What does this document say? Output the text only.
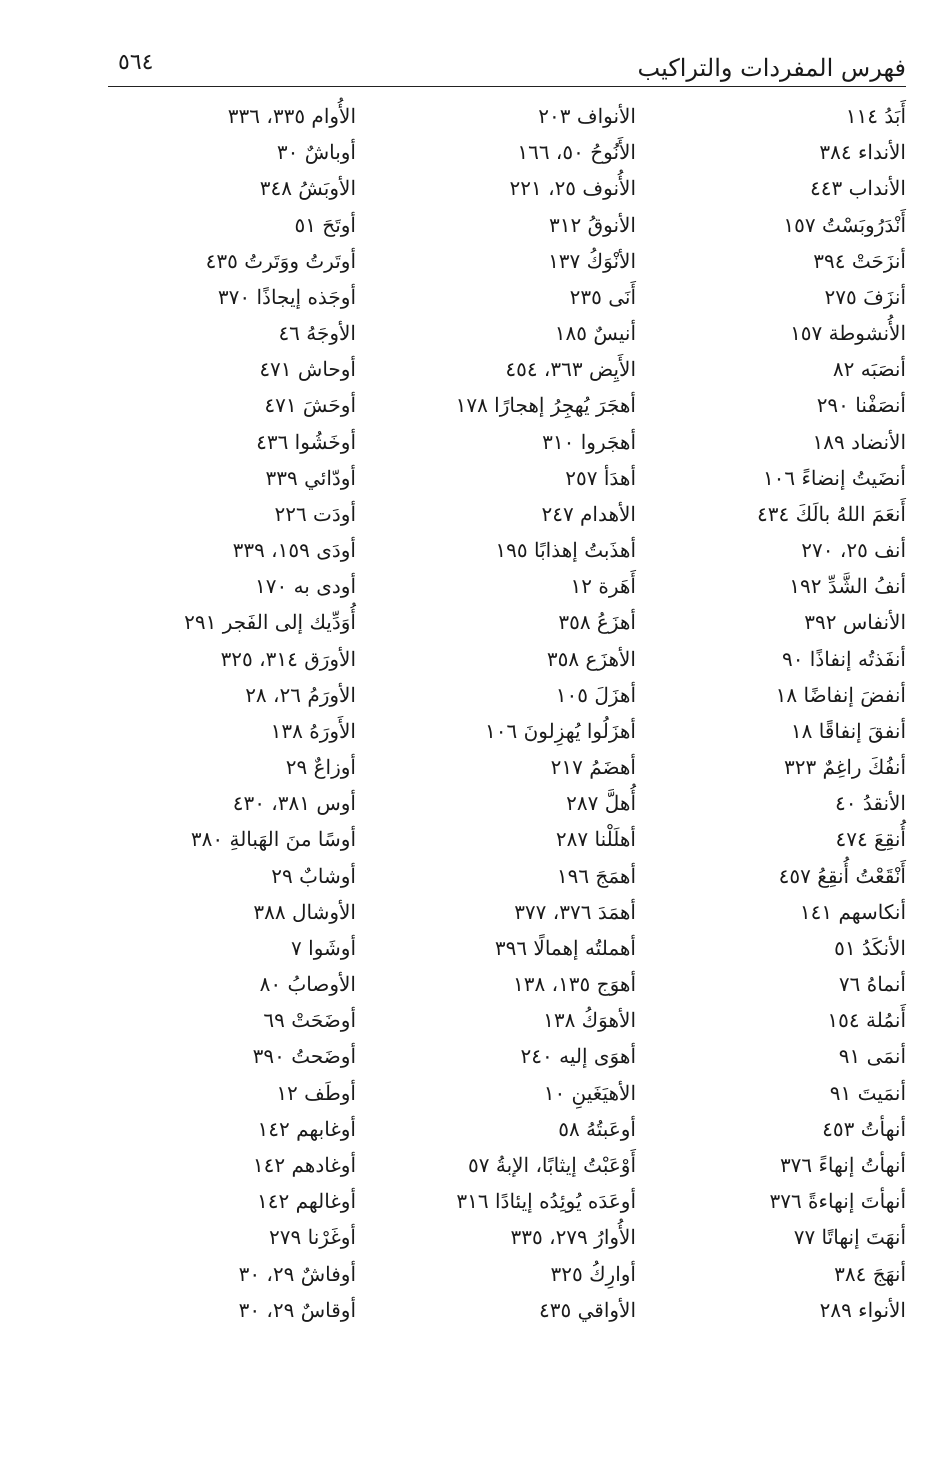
فهرس المفردات والتراكيب
٥٦٤
أَبَدُ ١١٤
الأنداء ٣٨٤
الأنداب ٤٤٣
أَنْدَرُوبَسْتُ ١٥٧
أنزَحَتْ ٣٩٤
أنزَفَ ٢٧٥
الأُنشوطة ١٥٧
أنصَبَه ٨٢
أنصَفْنا ٢٩٠
الأنضاد ١٨٩
أنضَيتُ إنضاءً ١٠٦
أَنعَمَ اللهُ بالَكَ ٤٣٤
أنف ٢٥، ٢٧٠
أنفُ الشَّدِّ ١٩٢
الأنفاس ٣٩٢
أنفَذتُه إنفاذًا ٩٠
أنفضَ إنفاضًا ١٨
أنفقَ إنفاقًا ١٨
أنفُكَ راغِمٌ ٣٢٣
الأنقدُ ٤٠
أُنقِعَ ٤٧٤
أَنْقَعْتُ أُنقِعُ ٤٥٧
أنكاسهم ١٤١
الأنكَدُ ٥١
أنماهُ ٧٦
أَنمُلة ١٥٤
أنمَى ٩١
أنمَيتَ ٩١
أنهأتُ ٤٥٣
أنهأتُ إنهاءً ٣٧٦
أنهأتَ إنهاءةً ٣٧٦
أنهَتَ إنهاتًا ٧٧
أنهَجَ ٣٨٤
الأنواء ٢٨٩
الأنواف ٢٠٣
الأَنُوحُ ٥٠، ١٦٦
الأُنوف ٢٥، ٢٢١
الأنوقُ ٣١٢
الأنْوَكُ ١٣٧
أَنَى ٢٣٥
أنيسٌ ١٨٥
الأَيِض ٣٦٣، ٤٥٤
أهجَرَ يُهجِرُ إهجارًا ١٧٨
أهجَروا ٣١٠
أهدَأ ٢٥٧
الأهدام ٢٤٧
أهذَبتُ إهذابًا ١٩٥
أَهَرة ١٢
أهزَعُ ٣٥٨
الأهزَع ٣٥٨
أهزَلَ ١٠٥
أهزَلُوا يُهزِلونَ ١٠٦
أهضَمُ ٢١٧
أُهلَّ ٢٨٧
أهلَلْنا ٢٨٧
أهمَجَ ١٩٦
أهمَدَ ٣٧٦، ٣٧٧
أهملتُه إهمالًا ٣٩٦
أهوَج ١٣٥، ١٣٨
الأهوَكُ ١٣٨
أهوَى إليه ٢٤٠
الأهيَغَينِ ١٠
أوعَبتُهُ ٥٨
أَوْعَبْتُ إيثابًا، الإبةُ ٥٧
أوعَدَه يُوئِدُه إيئادًا ٣١٦
الأُوارُ ٢٧٩، ٣٣٥
أوارِكُ ٣٢٥
الأواقي ٤٣٥
الأُوام ٣٣٥، ٣٣٦
أوباشٌ ٣٠
الأوبَشُ ٣٤٨
أوتَحَ ٥١
أوتَرتُ ووَتَرتُ ٤٣٥
أوجَذه إيجاذًا ٣٧٠
الأوجَهُ ٤٦
أوحاش ٤٧١
أوحَشَ ٤٧١
أوخَشُوا ٤٣٦
أودّائي ٣٣٩
أودَت ٢٢٦
أودَى ١٥٩، ٣٣٩
أودى به ١٧٠
أُوَدِّيك إلى الفَجر ٢٩١
الأورَق ٣١٤، ٣٢٥
الأورَمُ ٢٦، ٢٨
الأَورَهُ ١٣٨
أوزاعٌ ٢٩
أوس ٣٨١، ٤٣٠
أوسًا منَ الهَبالةِ ٣٨٠
أوشابٌ ٢٩
الأوشال ٣٨٨
أوشَوا ٧
الأوصابُ ٨٠
أوضَحَتْ ٦٩
أوضَحتُ ٣٩٠
أوطَف ١٢
أوغابهم ١٤٢
أوغادهم ١٤٢
أوغالهم ١٤٢
أوغَرْنا ٢٧٩
أوفاشٌ ٢٩، ٣٠
أوقاسٌ ٢٩، ٣٠
